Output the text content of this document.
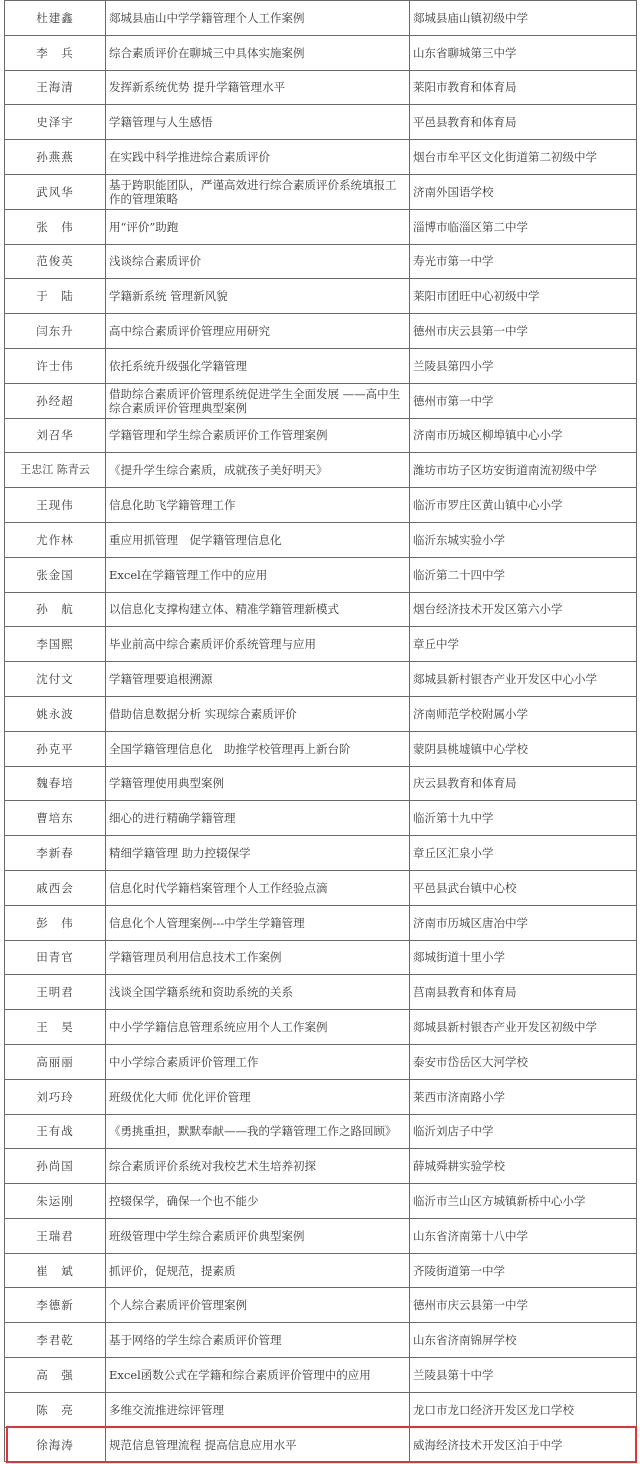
杜建鑫	郯城县庙山中学学籍管理个人工作案例	郯城县庙山镇初级中学
李　兵	综合素质评价在聊城三中具体实施案例	山东省聊城第三中学
王海清	发挥新系统优势 提升学籍管理水平	莱阳市教育和体育局
史泽宇	学籍管理与人生感悟	平邑县教育和体育局
孙燕燕	在实践中科学推进综合素质评价	烟台市牟平区文化街道第二初级中学
武风华	基于跨职能团队，严谨高效进行综合素质评价系统填报工作的管理策略	济南外国语学校
张　伟	用“评价”助跑	淄博市临淄区第二中学
范俊英	浅谈综合素质评价	寿光市第一中学
于　陆	学籍新系统 管理新风貌	莱阳市团旺中心初级中学
闫东升	高中综合素质评价管理应用研究	德州市庆云县第一中学
许士伟	依托系统升级强化学籍管理	兰陵县第四小学
孙经超	借助综合素质评价管理系统促进学生全面发展 ——高中生综合素质评价管理典型案例	德州市第一中学
刘召华	学籍管理和学生综合素质评价工作管理案例	济南市历城区柳埠镇中心小学
王忠江 陈青云	《提升学生综合素质，成就孩子美好明天》	潍坊市坊子区坊安街道南流初级中学
王现伟	信息化助飞学籍管理工作	临沂市罗庄区黄山镇中心小学
尤作林	重应用抓管理　促学籍管理信息化	临沂东城实验小学
张金国	Excel在学籍管理工作中的应用	临沂第二十四中学
孙　航	以信息化支撑构建立体、精准学籍管理新模式	烟台经济技术开发区第六小学
李国熙	毕业前高中综合素质评价系统管理与应用	章丘中学
沈付文	学籍管理要追根溯源	郯城县新村银杏产业开发区中心小学
姚永波	借助信息数据分析 实现综合素质评价	济南师范学校附属小学
孙克平	全国学籍管理信息化　助推学校管理再上新台阶	蒙阴县桃墟镇中心学校
魏春培	学籍管理使用典型案例	庆云县教育和体育局
曹培东	细心的进行精确学籍管理	临沂第十九中学
李新春	精细学籍管理 助力控辍保学	章丘区汇泉小学
戚西会	信息化时代学籍档案管理个人工作经验点滴	平邑县武台镇中心校
彭　伟	信息化个人管理案例---中学生学籍管理	济南市历城区唐冶中学
田青官	学籍管理员利用信息技术工作案例	郯城街道十里小学
王明君	浅谈全国学籍系统和资助系统的关系	莒南县教育和体育局
王　昊	中小学学籍信息管理系统应用个人工作案例	郯城县新村银杏产业开发区初级中学
高丽丽	中小学综合素质评价管理工作	泰安市岱岳区大河学校
刘巧玲	班级优化大师 优化评价管理	莱西市济南路小学
王有战	《勇挑重担，默默奉献——我的学籍管理工作之路回顾》	临沂刘店子中学
孙尚国	综合素质评价系统对我校艺术生培养初探	薛城舜耕实验学校
朱运刚	控辍保学，确保一个也不能少	临沂市兰山区方城镇新桥中心小学
王瑞君	班级管理中学生综合素质评价典型案例	山东省济南第十八中学
崔　斌	抓评价，促规范，提素质	齐陵街道第一中学
李德新	个人综合素质评价管理案例	德州市庆云县第一中学
李君乾	基于网络的学生综合素质评价管理	山东省济南锦屏学校
高　强	Excel函数公式在学籍和综合素质评价管理中的应用	兰陵县第十中学
陈　亮	多维交流推进综评管理	龙口市龙口经济开发区龙口学校
徐海涛	规范信息管理流程 提高信息应用水平	威海经济技术开发区泊于中学
